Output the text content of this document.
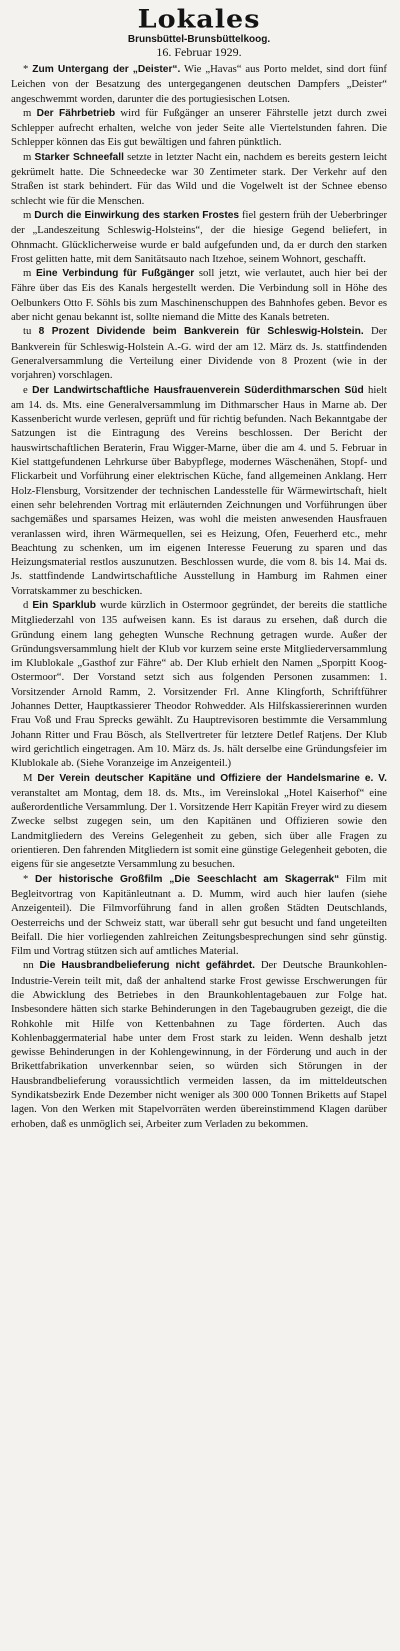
Lokales
Brunsbüttel-Brunsbüttelkoog.
16. Februar 1929.

* Zum Untergang der „Deister“. Wie „Havas“ aus Porto meldet, sind dort fünf Leichen von der Besatzung des untergegangenen deutschen Dampfers „Deister“ angeschwemmt worden, darunter die des portugiesischen Lotsen.

m Der Fährbetrieb wird für Fußgänger an unserer Fährstelle jetzt durch zwei Schlepper aufrecht erhalten, welche von jeder Seite alle Viertelstunden fahren. Die Schlepper können das Eis gut bewältigen und fahren pünktlich.

m Starker Schneefall setzte in letzter Nacht ein, nachdem es bereits gestern leicht gekrümelt hatte. Die Schneedecke war 30 Zentimeter stark. Der Verkehr auf den Straßen ist stark behindert. Für das Wild und die Vogelwelt ist der Schnee ebenso schlecht wie für die Menschen.

m Durch die Einwirkung des starken Frostes fiel gestern früh der Ueberbringer der „Landeszeitung Schleswig-Holsteins“, der die hiesige Gegend beliefert, in Ohnmacht. Glücklicherweise wurde er bald aufgefunden und, da er durch den starken Frost gelitten hatte, mit dem Sanitätsauto nach Itzehoe, seinem Wohnort, geschafft.

m Eine Verbindung für Fußgänger soll jetzt, wie verlautet, auch hier bei der Fähre über das Eis des Kanals hergestellt werden. Die Verbindung soll in Höhe des Oelbunkers Otto F. Söhls bis zum Maschinenschuppen des Bahnhofes geben. Bevor es aber nicht genau bekannt ist, sollte niemand die Mitte des Kanals betreten.

tu 8 Prozent Dividende beim Bankverein für Schleswig-Holstein. Der Bankverein für Schleswig-Holstein A.-G. wird der am 12. März ds. Js. stattfindenden Generalversammlung die Verteilung einer Dividende von 8 Prozent (wie in der vorjahren) vorschlagen.

e Der Landwirtschaftliche Hausfrauenverein Süderdithmarschen Süd hielt am 14. ds. Mts. eine Generalversammlung im Dithmarscher Haus in Marne ab. Der Kassenbericht wurde verlesen, geprüft und für richtig befunden. Nach Bekanntgabe der Satzungen ist die Eintragung des Vereins beschlossen. Der Bericht der hauswirtschaftlichen Beraterin, Frau Wigger-Marne, über die am 4. und 5. Februar in Kiel stattgefundenen Lehrkurse über Babypflege, modernes Wäschenähen, Stopf- und Flickarbeit und Vorführung einer elektrischen Küche, fand allgemeinen Anklang. Herr Holz-Flensburg, Vorsitzender der technischen Landesstelle für Wärmewirtschaft, hielt einen sehr belehrenden Vortrag mit erläuternden Zeichnungen und Vorführungen über sachgemäßes und sparsames Heizen, was wohl die meisten anwesenden Hausfrauen veranlassen wird, ihren Wärmequellen, sei es Heizung, Ofen, Feuerherd etc., mehr Beachtung zu schenken, um im eigenen Interesse Feuerung zu sparen und das Heizungsmaterial restlos auszunutzen. Beschlossen wurde, die vom 8. bis 14. Mai ds. Js. stattfindende Landwirtschaftliche Ausstellung in Hamburg im Rahmen einer Vorratskammer zu beschicken.

d Ein Sparklub wurde kürzlich in Ostermoor gegründet, der bereits die stattliche Mitgliederzahl von 135 aufweisen kann. Es ist daraus zu ersehen, daß durch die Gründung einem lang gehegten Wunsche Rechnung getragen wurde. Außer der Gründungsversammlung hielt der Klub vor kurzem seine erste Mitgliederversammlung im Klublokale „Gasthof zur Fähre“ ab. Der Klub erhielt den Namen „Sporpitt Koog-Ostermoor“. Der Vorstand setzt sich aus folgenden Personen zusammen: 1. Vorsitzender Arnold Ramm, 2. Vorsitzender Frl. Anne Klingforth, Schriftführer Johannes Detter, Hauptkassierer Theodor Rohwedder. Als Hilfskassiererinnen wurden Frau Voß und Frau Sprecks gewählt. Zu Hauptrevisoren bestimmte die Versammlung Johann Ritter und Frau Bösch, als Stellvertreter für letztere Detlef Ratjens. Der Klub wird gerichtlich eingetragen. Am 10. März ds. Js. hält derselbe eine Gründungsfeier im Klublokale ab. (Siehe Voranzeige im Anzeigenteil.)

M Der Verein deutscher Kapitäne und Offiziere der Handelsmarine e. V. veranstaltet am Montag, dem 18. ds. Mts., im Vereinslokal „Hotel Kaiserhof“ eine außerordentliche Versammlung. Der 1. Vorsitzende Herr Kapitän Freyer wird zu diesem Zwecke selbst zugegen sein, um den Kapitänen und Offizieren sowie den Landmitgliedern des Vereins Gelegenheit zu geben, sich über alle Fragen zu orientieren. Den fahrenden Mitgliedern ist somit eine günstige Gelegenheit geboten, die eigens für sie angesetzte Versammlung zu besuchen.

* Der historische Großfilm „Die Seeschlacht am Skagerrak“ Film mit Begleitvortrag von Kapitänleutnant a. D. Mumm, wird auch hier laufen (siehe Anzeigenteil). Die Filmvorführung fand in allen großen Städten Deutschlands, Oesterreichs und der Schweiz statt, war überall sehr gut besucht und fand ungeteilten Beifall. Die hier vorliegenden zahlreichen Zeitungsbesprechungen sind sehr günstig. Film und Vortrag stützen sich auf amtliches Material.

nn Die Hausbrandbelieferung nicht gefährdet. Der Deutsche Braunkohlen-Industrie-Verein teilt mit, daß der anhaltend starke Frost gewisse Erschwerungen für die Abwicklung des Betriebes in den Braunkohlentagebauen zur Folge hat. Insbesondere hätten sich starke Behinderungen in den Tagebaugruben gezeigt, die die Rohkohle mit Hilfe von Kettenbahnen zu Tage förderten. Auch das Kohlenbaggermaterial habe unter dem Frost stark zu leiden. Wenn deshalb jetzt gewisse Behinderungen in der Kohlengewinnung, in der Förderung und auch in der Brikettfabrikation unverkennbar seien, so würden sich Störungen in der Hausbrandbelieferung voraussichtlich vermeiden lassen, da im mitteldeutschen Syndikatsbezirk Ende Dezember nicht weniger als 300 000 Tonnen Briketts auf Stapel lagen. Von den Werken mit Stapelvorräten werden übereinstimmend Klagen darüber erhoben, daß es unmöglich sei, Arbeiter zum Verladen zu bekommen.
